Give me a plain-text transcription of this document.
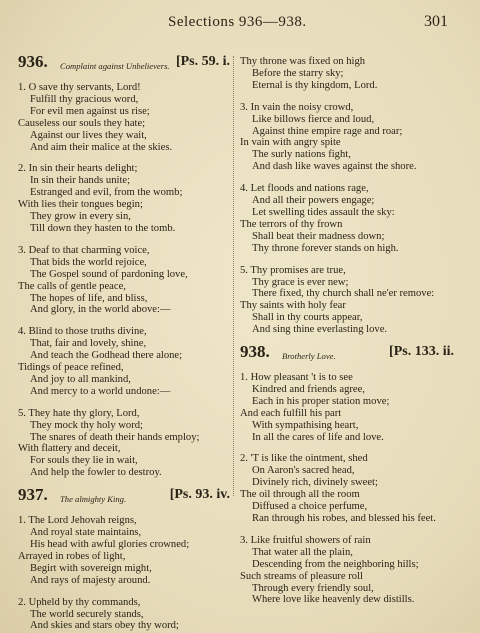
Selections 936—938.	301
936. Complaint against Unbelievers. [Ps. 59. i.
1. O save thy servants, Lord!
Fulfill thy gracious word,
For evil men against us rise;
Causeless our souls they hate;
Against our lives they wait,
And aim their malice at the skies.
2. In sin their hearts delight;
In sin their hands unite;
Estranged and evil, from the womb;
With lies their tongues begin;
They grow in every sin,
Till down they hasten to the tomb.
3. Deaf to that charming voice,
That bids the world rejoice,
The Gospel sound of pardoning love,
The calls of gentle peace,
The hopes of life, and bliss,
And glory, in the world above:—
4. Blind to those truths divine,
That, fair and lovely, shine,
And teach the Godhead there alone;
Tidings of peace refined,
And joy to all mankind,
And mercy to a world undone:—
5. They hate thy glory, Lord,
They mock thy holy word;
The snares of death their hands employ;
With flattery and deceit,
For souls they lie in wait,
And help the fowler to destroy.
937. The almighty King.	[Ps. 93. iv.
1. The Lord Jehovah reigns,
And royal state maintains,
His head with awful glories crowned;
Arrayed in robes of light,
Begirt with sovereign might,
And rays of majesty around.
2. Upheld by thy commands,
The world securely stands,
And skies and stars obey thy word;
Thy throne was fixed on high
Before the starry sky;
Eternal is thy kingdom, Lord.
3. In vain the noisy crowd,
Like billows fierce and loud,
Against thine empire rage and roar;
In vain with angry spite
The surly nations fight,
And dash like waves against the shore.
4. Let floods and nations rage,
And all their powers engage;
Let swelling tides assault the sky:
The terrors of thy frown
Shall beat their madness down;
Thy throne forever stands on high.
5. Thy promises are true,
Thy grace is ever new;
There fixed, thy church shall ne'er remove:
Thy saints with holy fear
Shall in thy courts appear,
And sing thine everlasting love.
938. Brotherly Love.	[Ps. 133. ii.
1. How pleasant 't is to see
Kindred and friends agree,
Each in his proper station move;
And each fulfill his part
With sympathising heart,
In all the cares of life and love.
2. 'T is like the ointment, shed
On Aaron's sacred head,
Divinely rich, divinely sweet;
The oil through all the room
Diffused a choice perfume,
Ran through his robes, and blessed his feet.
3. Like fruitful showers of rain
That water all the plain,
Descending from the neighboring hills;
Such streams of pleasure roll
Through every friendly soul,
Where love like heavenly dew distills.
